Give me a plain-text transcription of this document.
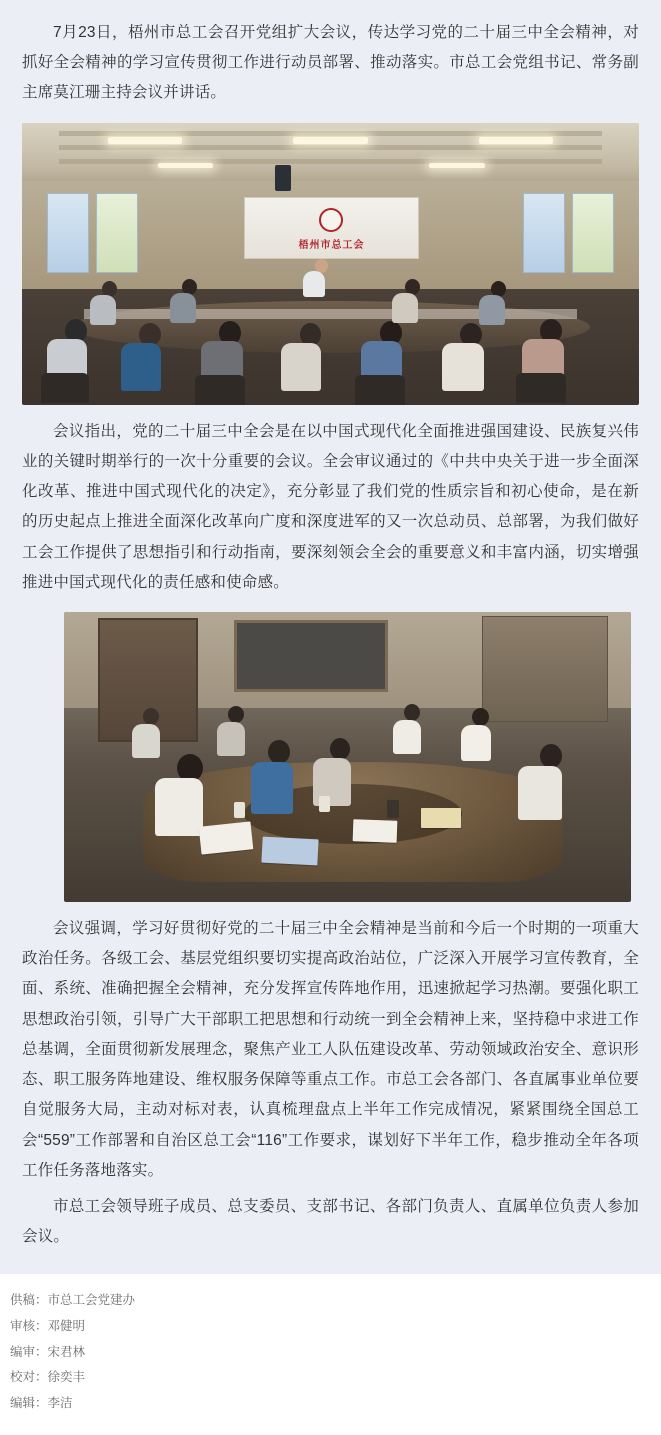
7月23日，梧州市总工会召开党组扩大会议，传达学习党的二十届三中全会精神，对抓好全会精神的学习宣传贯彻工作进行动员部署、推动落实。市总工会党组书记、常务副主席莫江珊主持会议并讲话。

梧州市总工会

会议指出，党的二十届三中全会是在以中国式现代化全面推进强国建设、民族复兴伟业的关键时期举行的一次十分重要的会议。全会审议通过的《中共中央关于进一步全面深化改革、推进中国式现代化的决定》，充分彰显了我们党的性质宗旨和初心使命，是在新的历史起点上推进全面深化改革向广度和深度进军的又一次总动员、总部署，为我们做好工会工作提供了思想指引和行动指南，要深刻领会全会的重要意义和丰富内涵，切实增强推进中国式现代化的责任感和使命感。

会议强调，学习好贯彻好党的二十届三中全会精神是当前和今后一个时期的一项重大政治任务。各级工会、基层党组织要切实提高政治站位，广泛深入开展学习宣传教育，全面、系统、准确把握全会精神，充分发挥宣传阵地作用，迅速掀起学习热潮。要强化职工思想政治引领，引导广大干部职工把思想和行动统一到全会精神上来，坚持稳中求进工作总基调，全面贯彻新发展理念，聚焦产业工人队伍建设改革、劳动领域政治安全、意识形态、职工服务阵地建设、维权服务保障等重点工作。市总工会各部门、各直属事业单位要自觉服务大局，主动对标对表，认真梳理盘点上半年工作完成情况，紧紧围绕全国总工会“559”工作部署和自治区总工会“116”工作要求，谋划好下半年工作，稳步推动全年各项工作任务落地落实。

市总工会领导班子成员、总支委员、支部书记、各部门负责人、直属单位负责人参加会议。

供稿：市总工会党建办
审核：邓健明
编审：宋君林
校对：徐奕丰
编辑：李洁
